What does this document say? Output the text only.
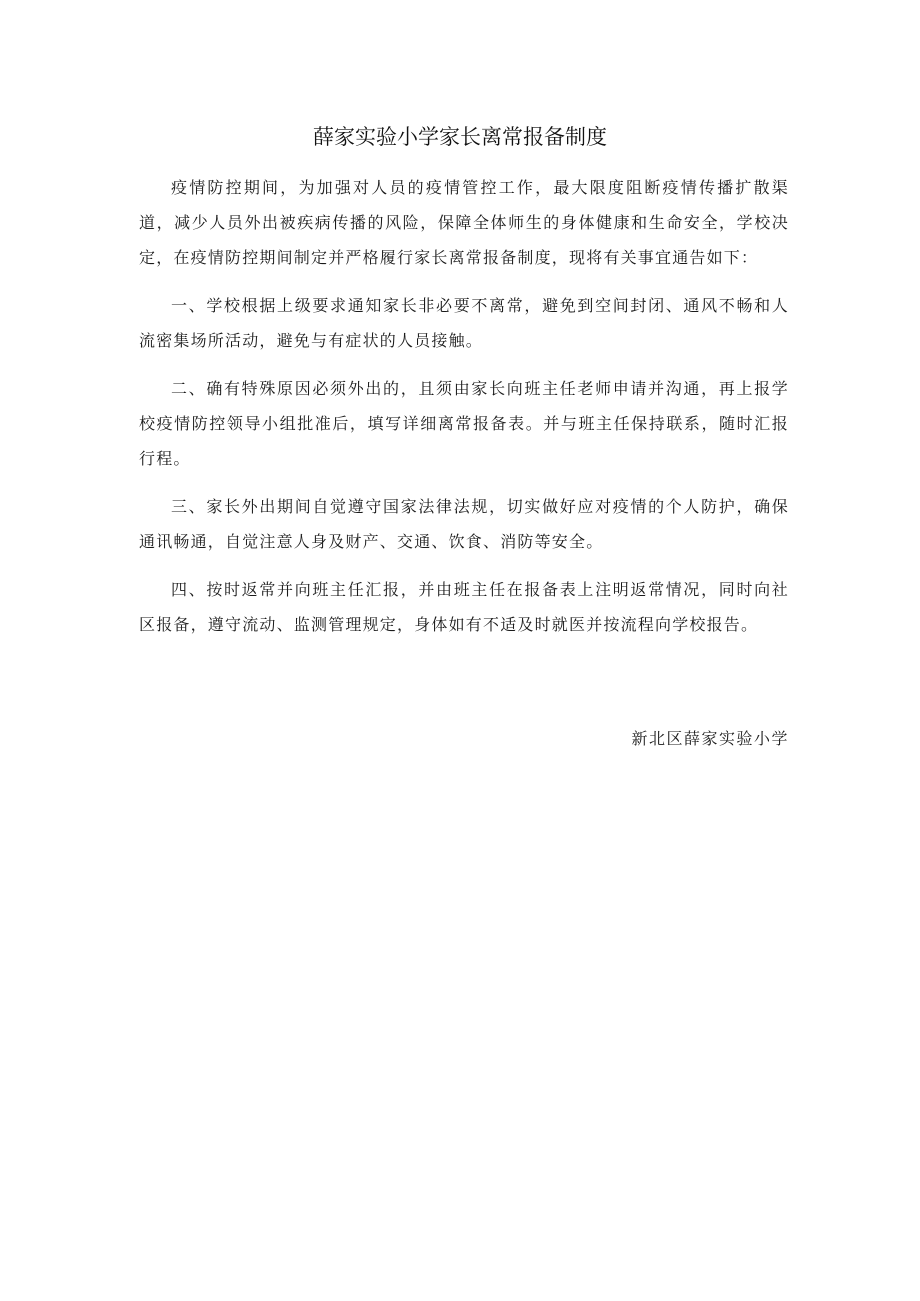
薛家实验小学家长离常报备制度

疫情防控期间，为加强对人员的疫情管控工作，最大限度阻断疫情传播扩散渠道，减少人员外出被疾病传播的风险，保障全体师生的身体健康和生命安全，学校决定，在疫情防控期间制定并严格履行家长离常报备制度，现将有关事宜通告如下：

一、学校根据上级要求通知家长非必要不离常，避免到空间封闭、通风不畅和人流密集场所活动，避免与有症状的人员接触。

二、确有特殊原因必须外出的，且须由家长向班主任老师申请并沟通，再上报学校疫情防控领导小组批准后，填写详细离常报备表。并与班主任保持联系，随时汇报行程。

三、家长外出期间自觉遵守国家法律法规，切实做好应对疫情的个人防护，确保通讯畅通，自觉注意人身及财产、交通、饮食、消防等安全。

四、按时返常并向班主任汇报，并由班主任在报备表上注明返常情况，同时向社区报备，遵守流动、监测管理规定，身体如有不适及时就医并按流程向学校报告。

新北区薛家实验小学
